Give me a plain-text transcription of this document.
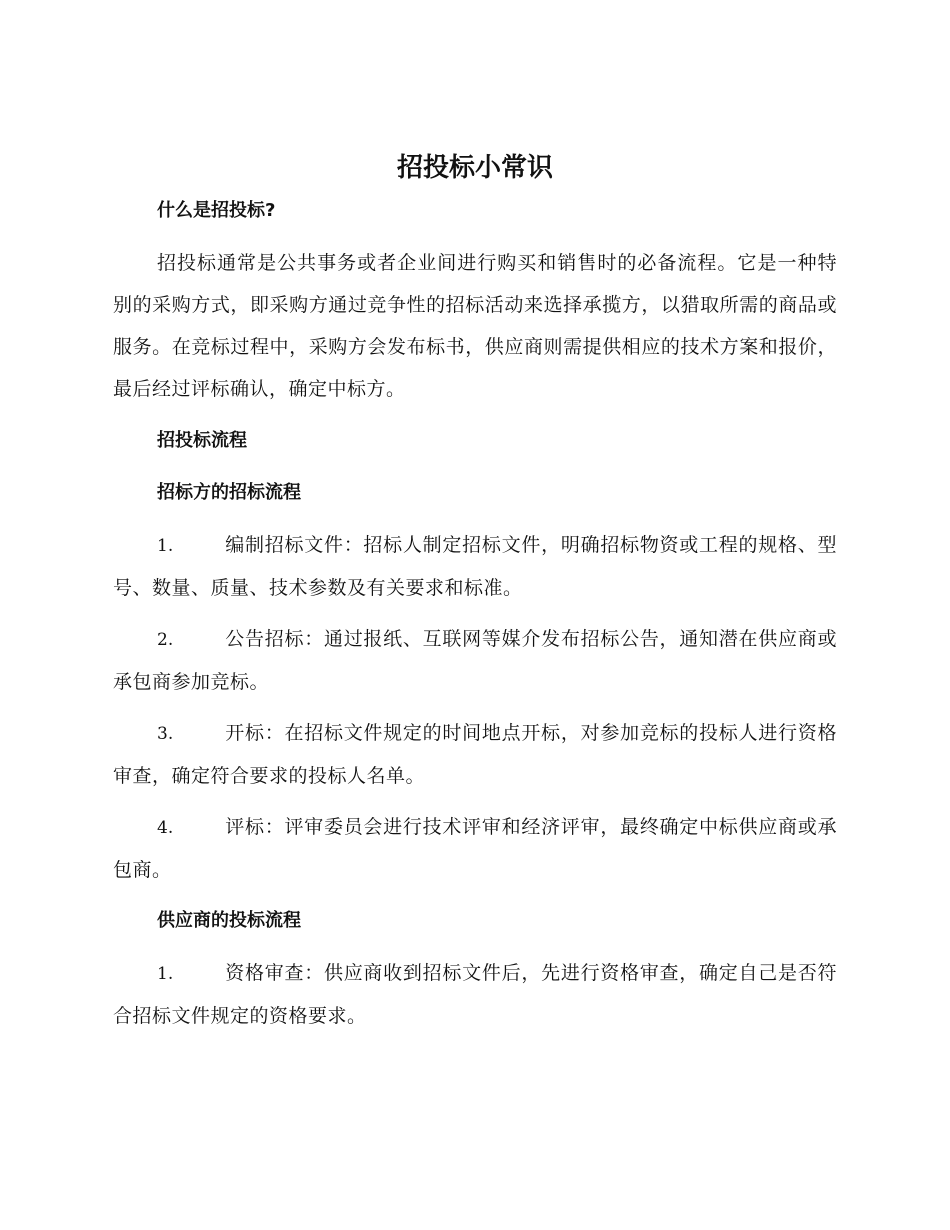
招投标小常识
什么是招投标?
招投标通常是公共事务或者企业间进行购买和销售时的必备流程。它是一种特别的采购方式，即采购方通过竞争性的招标活动来选择承揽方，以猎取所需的商品或服务。在竞标过程中，采购方会发布标书，供应商则需提供相应的技术方案和报价，最后经过评标确认，确定中标方。
招投标流程
招标方的招标流程
1.	编制招标文件：招标人制定招标文件，明确招标物资或工程的规格、型号、数量、质量、技术参数及有关要求和标准。
2.	公告招标：通过报纸、互联网等媒介发布招标公告，通知潜在供应商或承包商参加竞标。
3.	开标：在招标文件规定的时间地点开标，对参加竞标的投标人进行资格审查，确定符合要求的投标人名单。
4.	评标：评审委员会进行技术评审和经济评审，最终确定中标供应商或承包商。
供应商的投标流程
1.	资格审查：供应商收到招标文件后，先进行资格审查，确定自己是否符合招标文件规定的资格要求。
